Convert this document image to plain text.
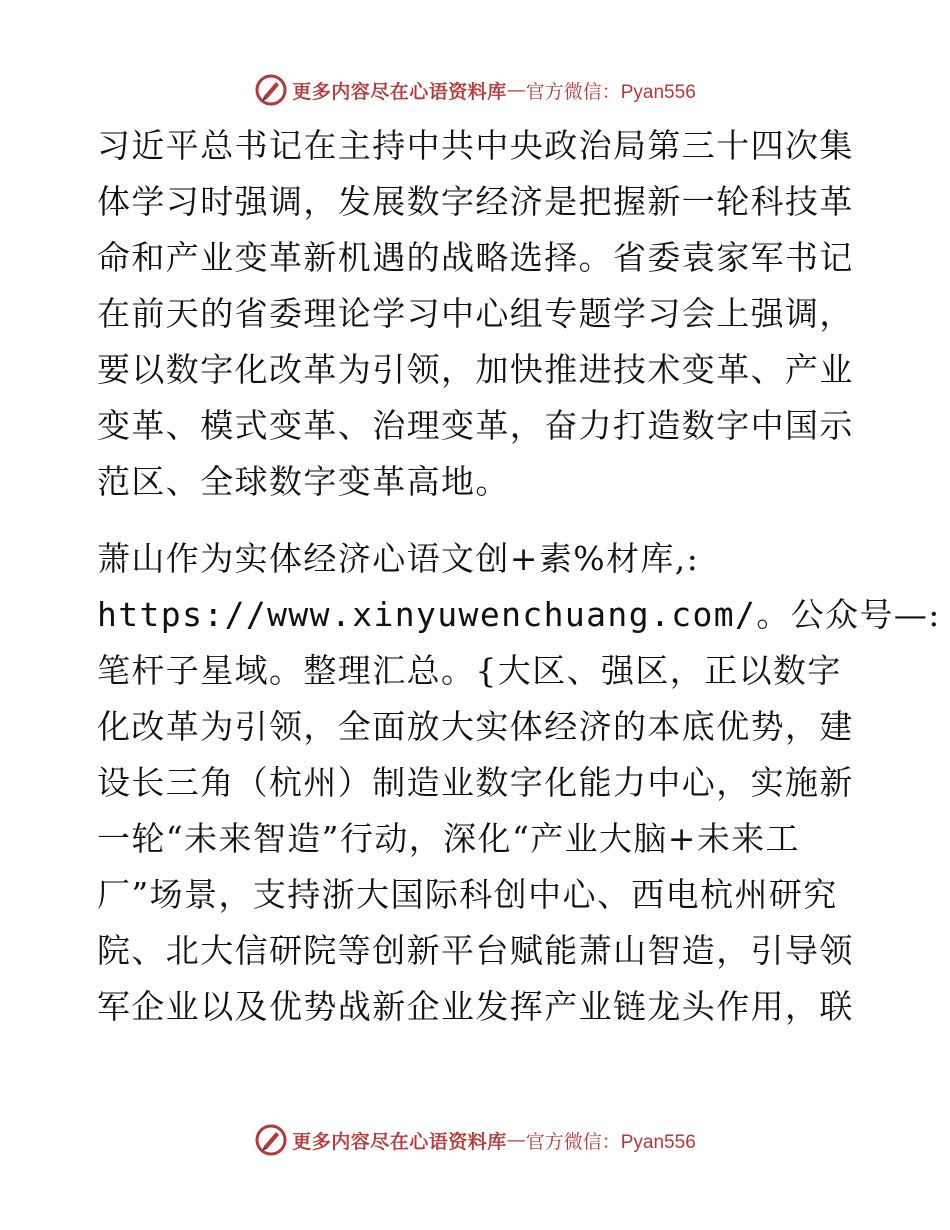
更多内容尽在心语资料库 — 官方微信：Pyan556
习近平总书记在主持中共中央政治局第三十四次集
体学习时强调，发展数字经济是把握新一轮科技革
命和产业变革新机遇的战略选择。省委袁家军书记
在前天的省委理论学习中心组专题学习会上强调，
要以数字化改革为引领，加快推进技术变革、产业
变革、模式变革、治理变革，奋力打造数字中国示
范区、全球数字变革高地。
萧山作为实体经济心语文创+素%材库,:
https://www.xinyuwenchuang.com/。公众号—:
笔杆子星域。整理汇总。{大区、强区，正以数字
化改革为引领，全面放大实体经济的本底优势，建
设长三角（杭州）制造业数字化能力中心，实施新
一轮“未来智造”行动，深化“产业大脑+未来工
厂”场景，支持浙大国际科创中心、西电杭州研究
院、北大信研院等创新平台赋能萧山智造，引导领
军企业以及优势战新企业发挥产业链龙头作用，联
更多内容尽在心语资料库 — 官方微信：Pyan556
